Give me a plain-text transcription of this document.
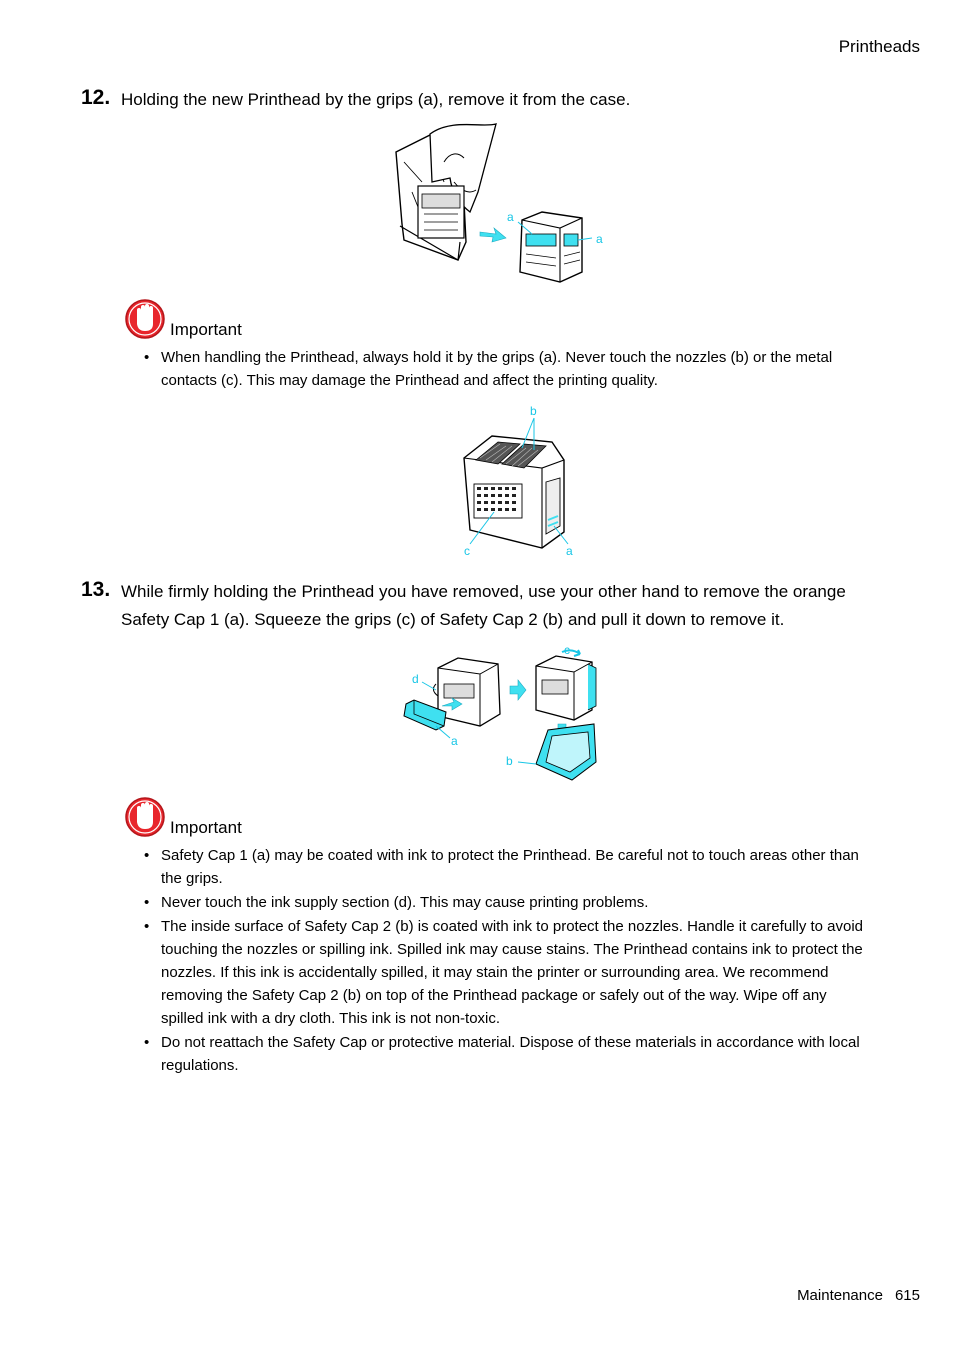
Printheads
12. Holding the new Printhead by the grips (a), remove it from the case.
a
a
Important
• When handling the Printhead, always hold it by the grips (a). Never touch the nozzles (b) or the metal contacts (c). This may damage the Printhead and affect the printing quality.
b
c	a
13. While firmly holding the Printhead you have removed, use your other hand to remove the orange Safety Cap 1 (a). Squeeze the grips (c) of Safety Cap 2 (b) and pull it down to remove it.
c
d
a
b
Important
• Safety Cap 1 (a) may be coated with ink to protect the Printhead. Be careful not to touch areas other than the grips.
• Never touch the ink supply section (d). This may cause printing problems.
• The inside surface of Safety Cap 2 (b) is coated with ink to protect the nozzles. Handle it carefully to avoid touching the nozzles or spilling ink. Spilled ink may cause stains. The Printhead contains ink to protect the nozzles. If this ink is accidentally spilled, it may stain the printer or surrounding area. We recommend removing the Safety Cap 2 (b) on top of the Printhead package or safely out of the way. Wipe off any spilled ink with a dry cloth. This ink is not non-toxic.
• Do not reattach the Safety Cap or protective material. Dispose of these materials in accordance with local regulations.
Maintenance 615
